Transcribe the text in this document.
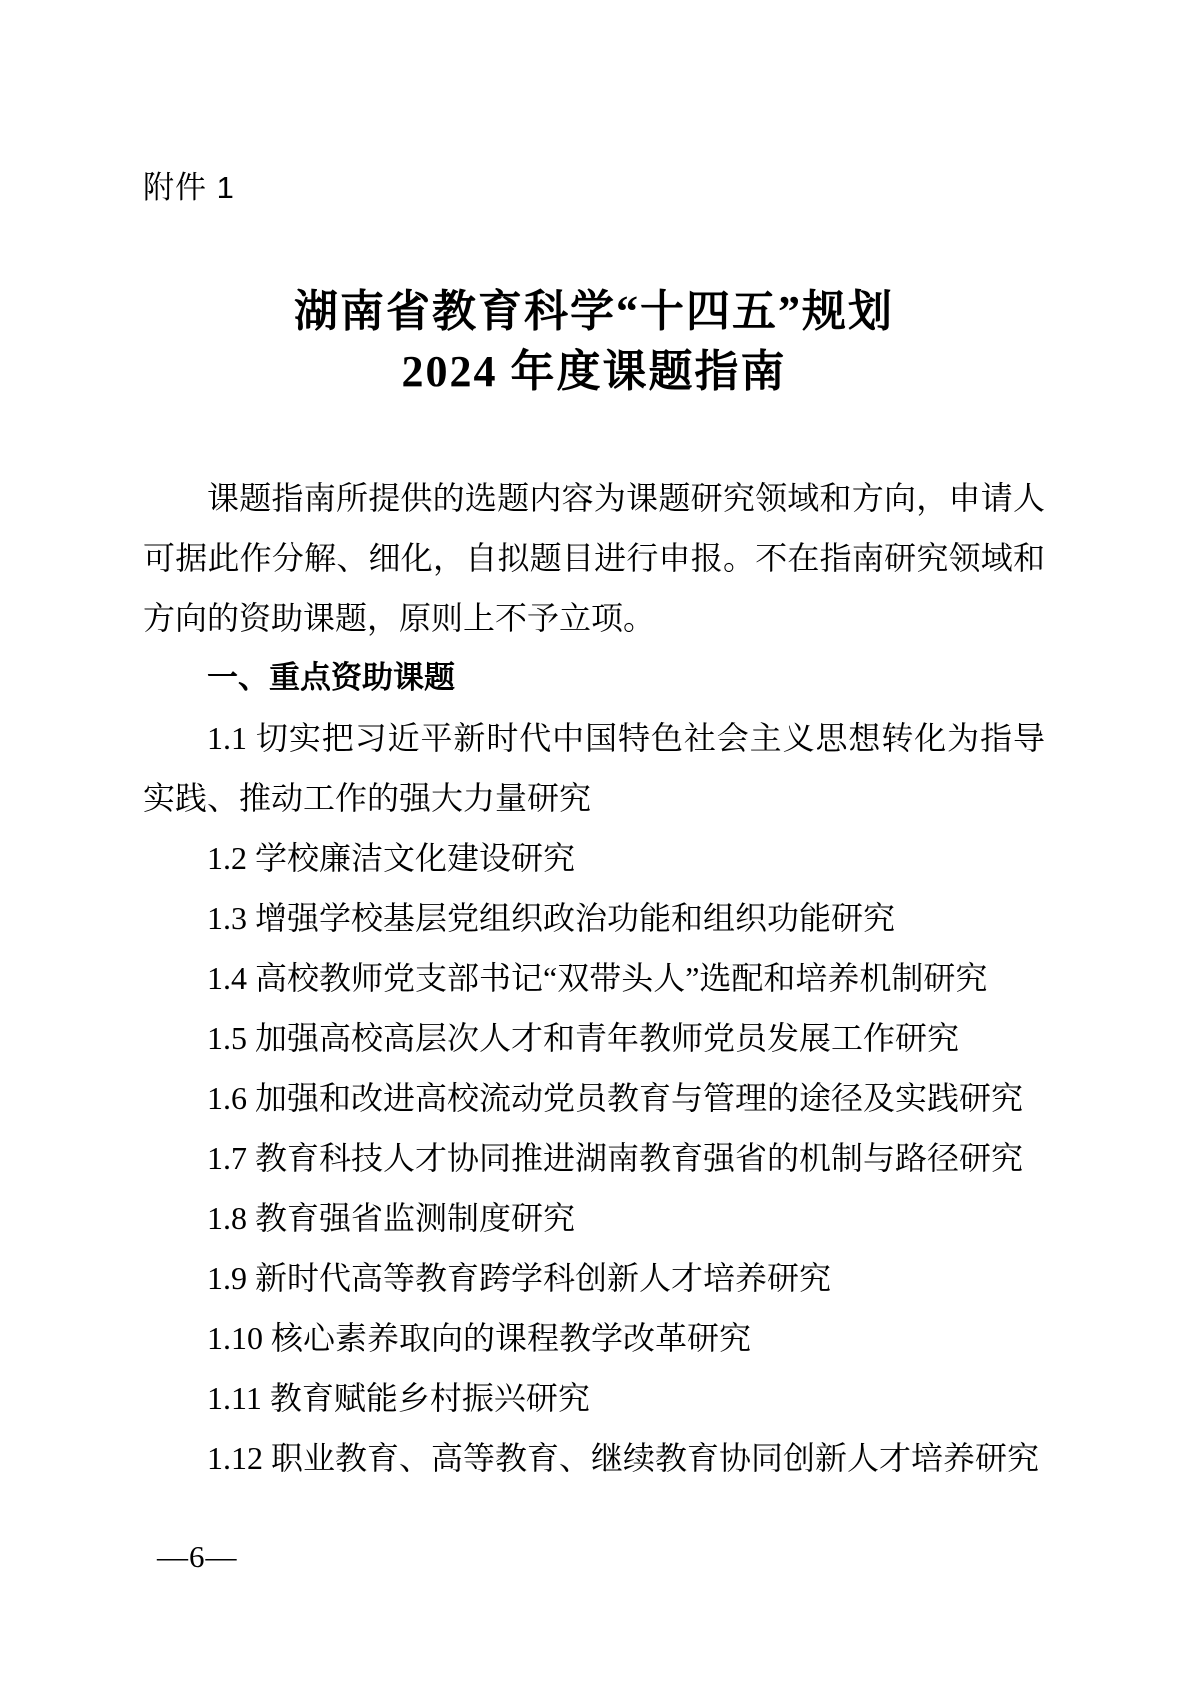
附件 1
湖南省教育科学“十四五”规划
2024 年度课题指南

课题指南所提供的选题内容为课题研究领域和方向，申请人可据此作分解、细化，自拟题目进行申报。不在指南研究领域和方向的资助课题，原则上不予立项。

一、重点资助课题

1.1 切实把习近平新时代中国特色社会主义思想转化为指导实践、推动工作的强大力量研究

1.2 学校廉洁文化建设研究

1.3 增强学校基层党组织政治功能和组织功能研究

1.4 高校教师党支部书记“双带头人”选配和培养机制研究

1.5 加强高校高层次人才和青年教师党员发展工作研究

1.6 加强和改进高校流动党员教育与管理的途径及实践研究

1.7 教育科技人才协同推进湖南教育强省的机制与路径研究

1.8 教育强省监测制度研究

1.9 新时代高等教育跨学科创新人才培养研究

1.10 核心素养取向的课程教学改革研究

1.11 教育赋能乡村振兴研究

1.12 职业教育、高等教育、继续教育协同创新人才培养研究

—6—
